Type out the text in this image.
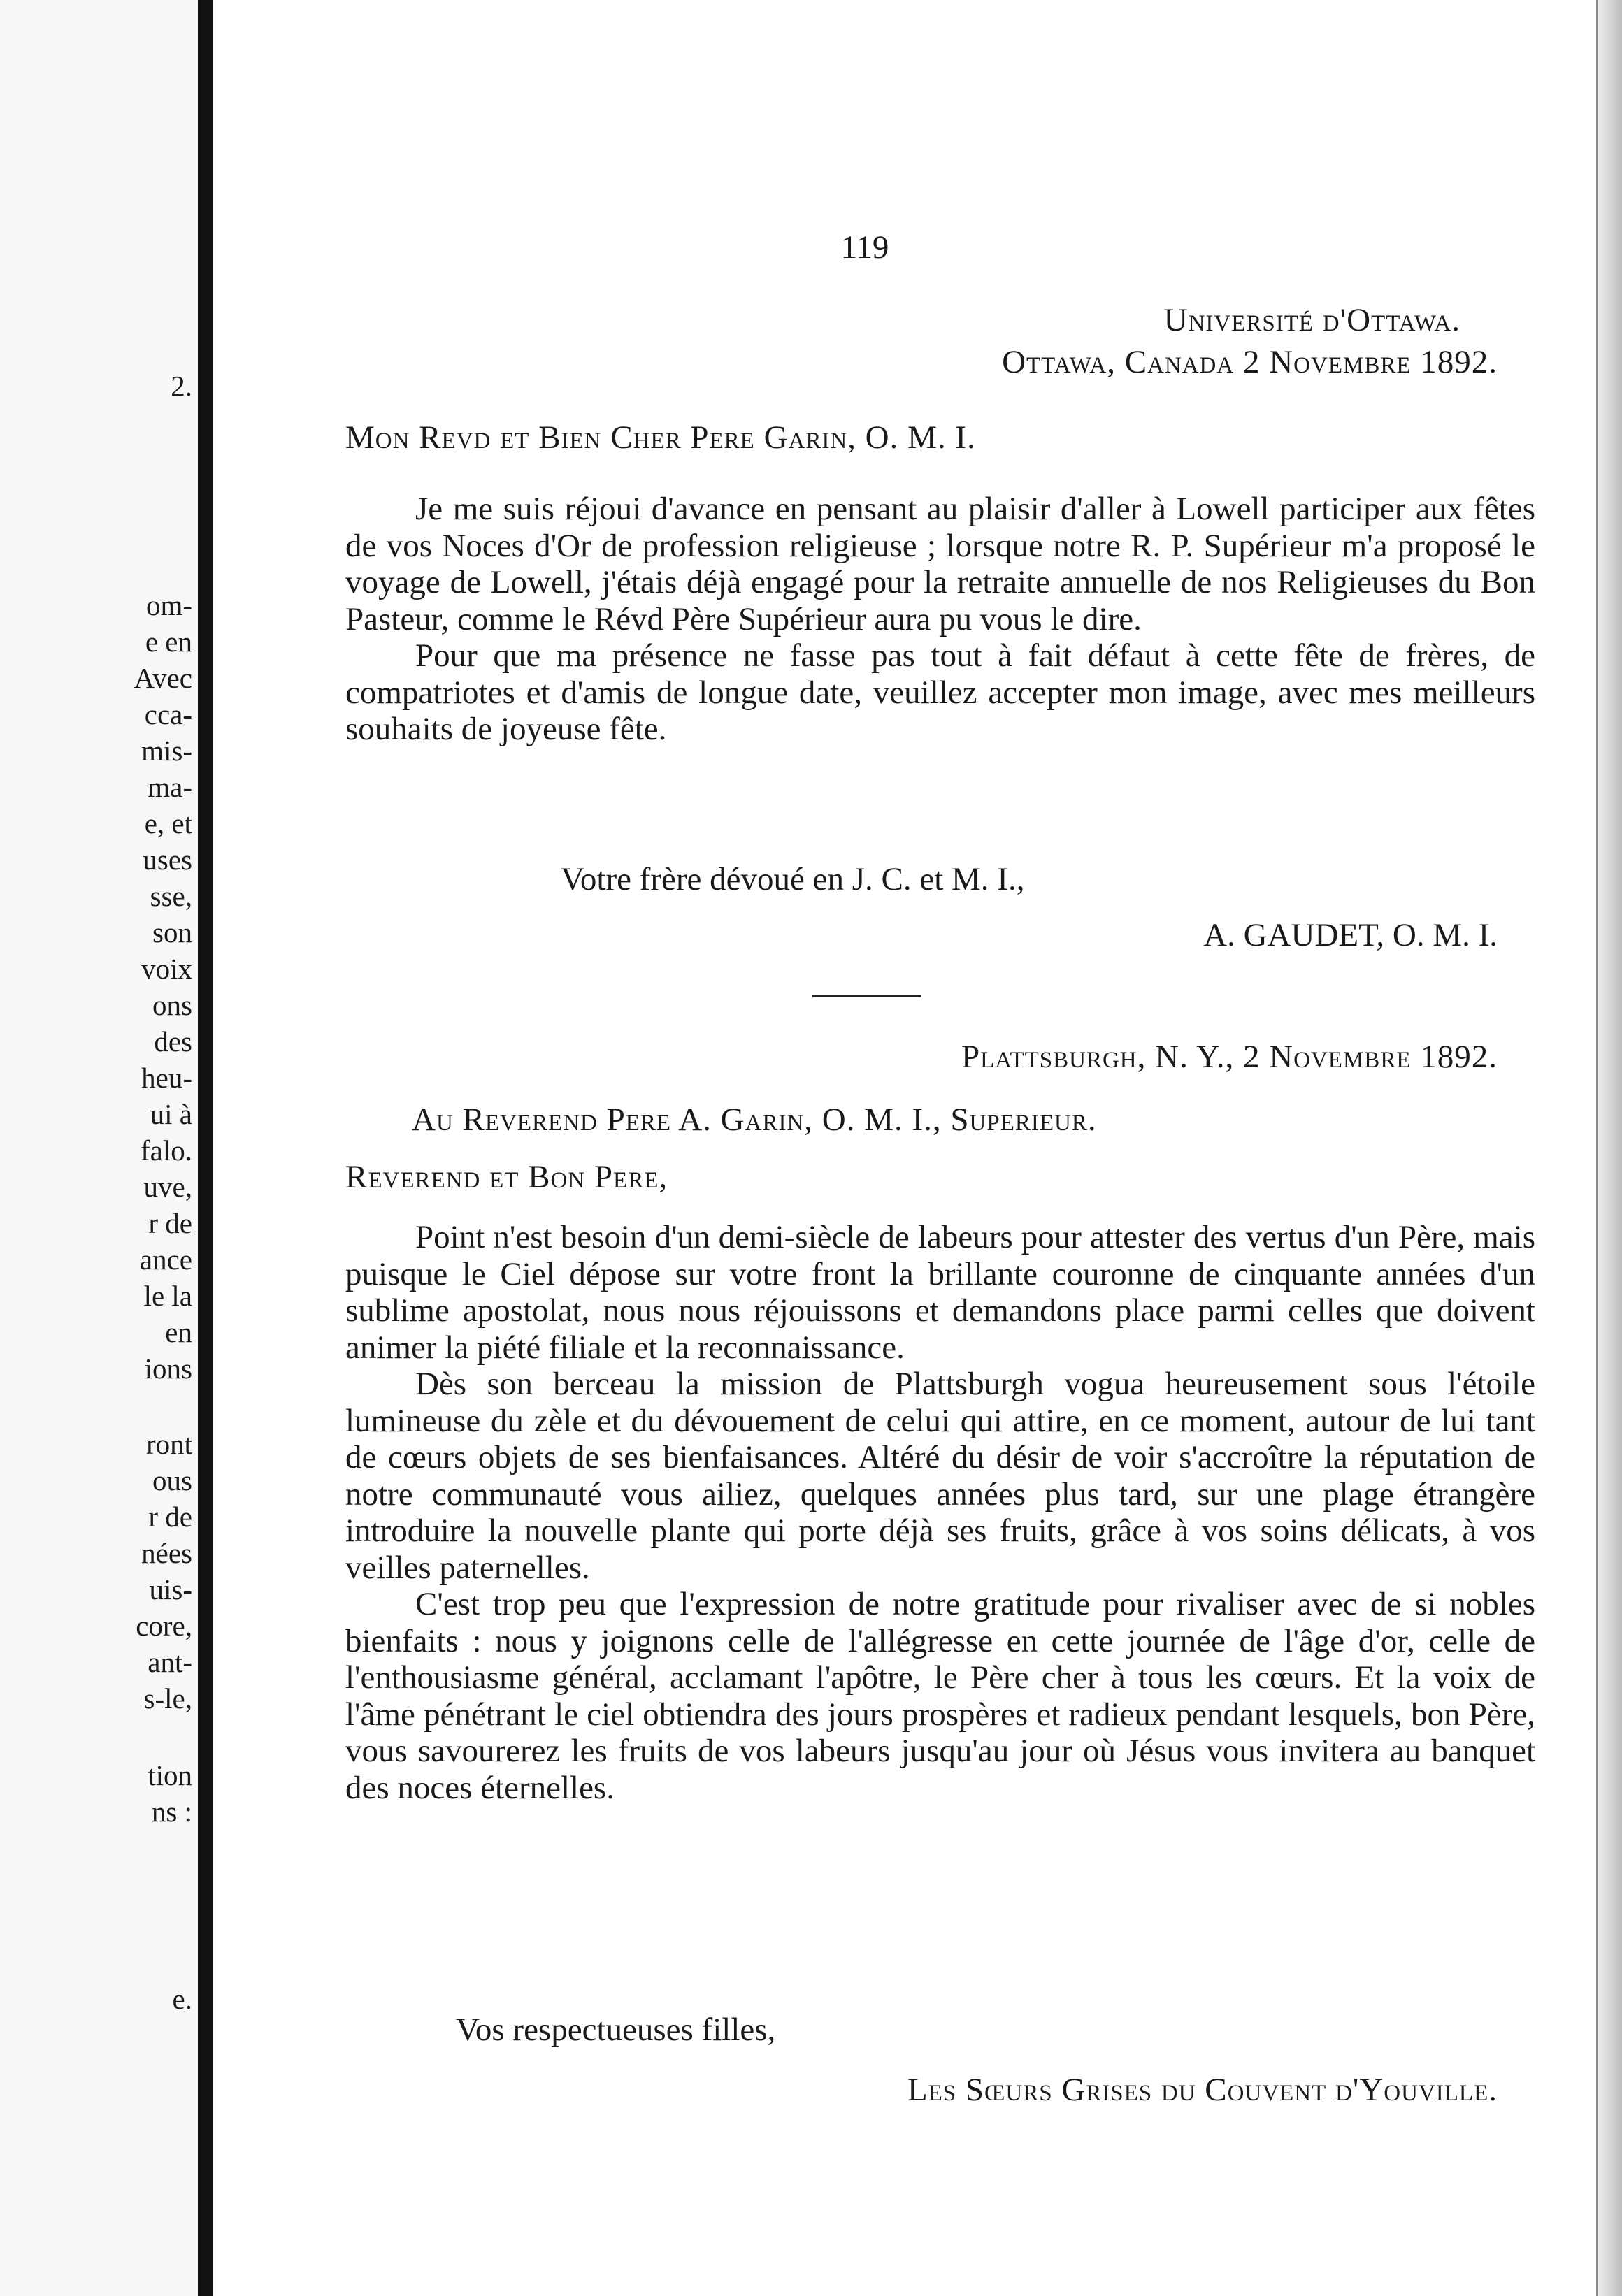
2.
om-
e en
Avec
cca-
mis-
ma-
e, et
uses
sse,
son
voix
ons
des
heu-
ui à
falo.
uve,
r de
ance
le la
en
ions
ront
ous
r de
nées
uis-
core,
ant-
s-le,
tion
ns :
e.
119
Université d'Ottawa.
Ottawa, Canada 2 Novembre 1892.
Mon Revd et Bien Cher Pere Garin, O. M. I.

Je me suis réjoui d'avance en pensant au plaisir d'aller à Lowell participer aux fêtes de vos Noces d'Or de profession religieuse ; lorsque notre R. P. Supérieur m'a proposé le voyage de Lowell, j'étais déjà engagé pour la retraite annuelle de nos Religieuses du Bon Pasteur, comme le Révd Père Supérieur aura pu vous le dire.

Pour que ma présence ne fasse pas tout à fait défaut à cette fête de frères, de compatriotes et d'amis de longue date, veuillez accepter mon image, avec mes meilleurs souhaits de joyeuse fête.

Votre frère dévoué en J. C. et M. I.,
A. GAUDET, O. M. I.
Plattsburgh, N. Y., 2 Novembre 1892.
Au Reverend Pere A. Garin, O. M. I., Superieur.
Reverend et Bon Pere,

Point n'est besoin d'un demi-siècle de labeurs pour attester des vertus d'un Père, mais puisque le Ciel dépose sur votre front la brillante couronne de cinquante années d'un sublime apostolat, nous nous réjouissons et demandons place parmi celles que doivent animer la piété filiale et la reconnaissance.

Dès son berceau la mission de Plattsburgh vogua heureusement sous l'étoile lumineuse du zèle et du dévouement de celui qui attire, en ce moment, autour de lui tant de cœurs objets de ses bienfaisances. Altéré du désir de voir s'accroître la réputation de notre communauté vous ailiez, quelques années plus tard, sur une plage étrangère introduire la nouvelle plante qui porte déjà ses fruits, grâce à vos soins délicats, à vos veilles paternelles.

C'est trop peu que l'expression de notre gratitude pour rivaliser avec de si nobles bienfaits : nous y joignons celle de l'allégresse en cette journée de l'âge d'or, celle de l'enthousiasme général, acclamant l'apôtre, le Père cher à tous les cœurs. Et la voix de l'âme pénétrant le ciel obtiendra des jours prospères et radieux pendant lesquels, bon Père, vous savourerez les fruits de vos labeurs jusqu'au jour où Jésus vous invitera au banquet des noces éternelles.

Vos respectueuses filles,
Les Sœurs Grises du Couvent d'Youville.
